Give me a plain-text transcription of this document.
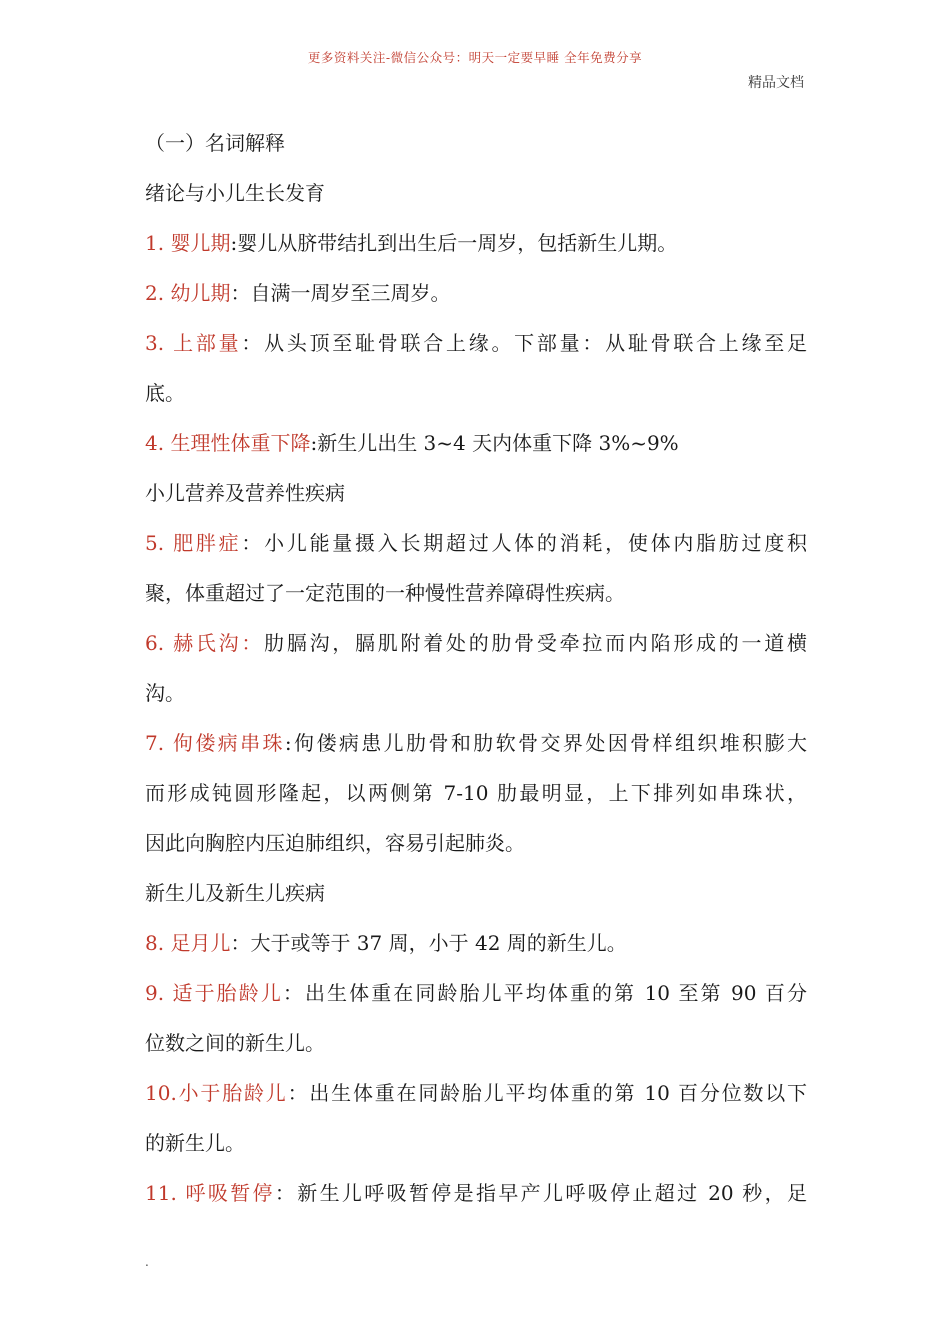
更多资料关注-微信公众号：明天一定要早睡 全年免费分享
精品文档
（一）名词解释
绪论与小儿生长发育
1. 婴儿期:婴儿从脐带结扎到出生后一周岁，包括新生儿期。
2. 幼儿期：自满一周岁至三周岁。
3. 上部量：从头顶至耻骨联合上缘。下部量：从耻骨联合上缘至足
底。
4. 生理性体重下降:新生儿出生 3~4 天内体重下降 3%~9%
小儿营养及营养性疾病
5. 肥胖症：小儿能量摄入长期超过人体的消耗，使体内脂肪过度积
聚，体重超过了一定范围的一种慢性营养障碍性疾病。
6. 赫氏沟：肋膈沟，膈肌附着处的肋骨受牵拉而内陷形成的一道横
沟。
7. 佝偻病串珠:佝偻病患儿肋骨和肋软骨交界处因骨样组织堆积膨大
而形成钝圆形隆起，以两侧第 7-10 肋最明显，上下排列如串珠状，
因此向胸腔内压迫肺组织，容易引起肺炎。
新生儿及新生儿疾病
8. 足月儿：大于或等于 37 周，小于 42 周的新生儿。
9. 适于胎龄儿：出生体重在同龄胎儿平均体重的第 10 至第 90 百分
位数之间的新生儿。
10.小于胎龄儿：出生体重在同龄胎儿平均体重的第 10 百分位数以下
的新生儿。
11. 呼吸暂停：新生儿呼吸暂停是指早产儿呼吸停止超过 20 秒，足
.
